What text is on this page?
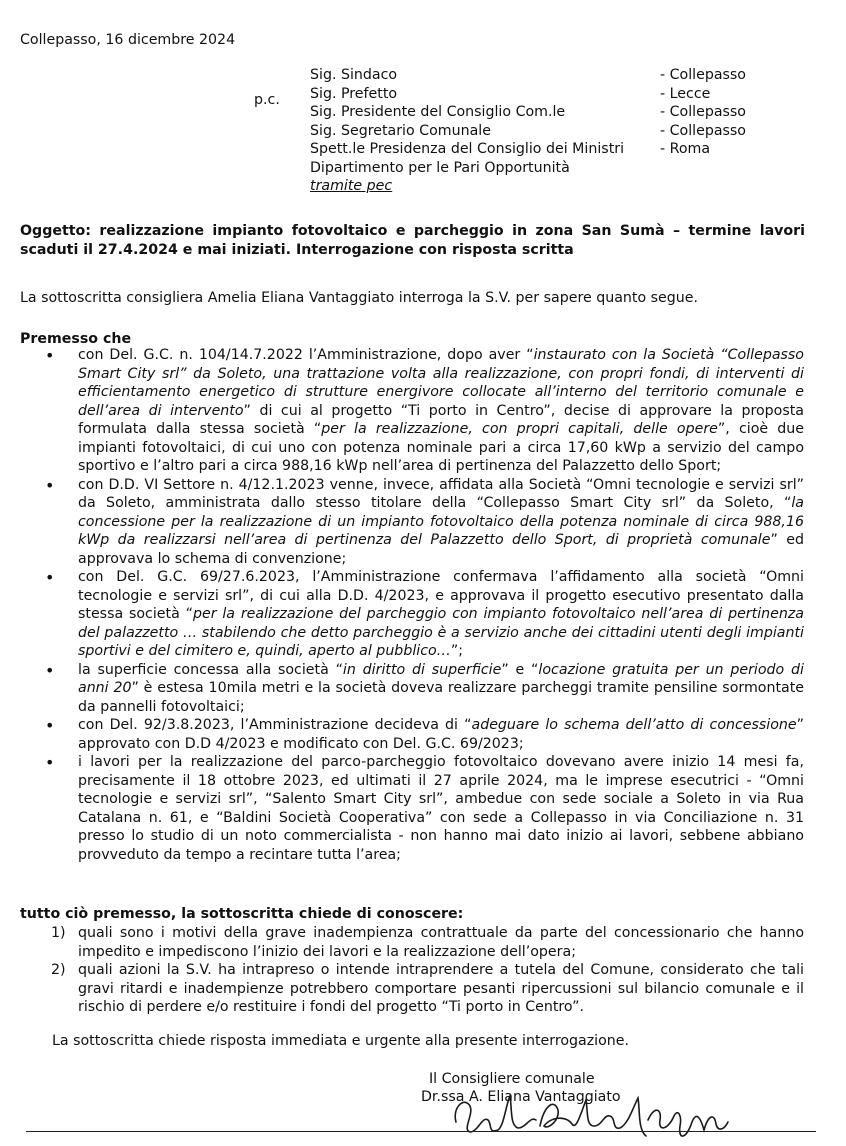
Collepasso, 16 dicembre 2024
p.c.
Sig. Sindaco	- Collepasso
Sig. Prefetto	- Lecce
Sig. Presidente del Consiglio Com.le	- Collepasso
Sig. Segretario Comunale	- Collepasso
Spett.le Presidenza del Consiglio dei Ministri	- Roma
Dipartimento per le Pari Opportunità
tramite pec
Oggetto: realizzazione impianto fotovoltaico e parcheggio in zona San Sumà – termine lavori scaduti il 27.4.2024 e mai iniziati. Interrogazione con risposta scritta
La sottoscritta consigliera Amelia Eliana Vantaggiato interroga la S.V. per sapere quanto segue.
Premesso che
• con Del. G.C. n. 104/14.7.2022 l’Amministrazione, dopo aver “instaurato con la Società “Collepasso Smart City srl” da Soleto, una trattazione volta alla realizzazione, con propri fondi, di interventi di efficientamento energetico di strutture energivore collocate all’interno del territorio comunale e dell’area di intervento” di cui al progetto “Ti porto in Centro”, decise di approvare la proposta formulata dalla stessa società “per la realizzazione, con propri capitali, delle opere”, cioè due impianti fotovoltaici, di cui uno con potenza nominale pari a circa 17,60 kWp a servizio del campo sportivo e l’altro pari a circa 988,16 kWp nell’area di pertinenza del Palazzetto dello Sport;
• con D.D. VI Settore n. 4/12.1.2023 venne, invece, affidata alla Società “Omni tecnologie e servizi srl” da Soleto, amministrata dallo stesso titolare della “Collepasso Smart City srl” da Soleto, “la concessione per la realizzazione di un impianto fotovoltaico della potenza nominale di circa 988,16 kWp da realizzarsi nell’area di pertinenza del Palazzetto dello Sport, di proprietà comunale” ed approvava lo schema di convenzione;
• con Del. G.C. 69/27.6.2023, l’Amministrazione confermava l’affidamento alla società “Omni tecnologie e servizi srl”, di cui alla D.D. 4/2023, e approvava il progetto esecutivo presentato dalla stessa società “per la realizzazione del parcheggio con impianto fotovoltaico nell’area di pertinenza del palazzetto … stabilendo che detto parcheggio è a servizio anche dei cittadini utenti degli impianti sportivi e del cimitero e, quindi, aperto al pubblico…”;
• la superficie concessa alla società “in diritto di superficie” e “locazione gratuita per un periodo di anni 20” è estesa 10mila metri e la società doveva realizzare parcheggi tramite pensiline sormontate da pannelli fotovoltaici;
• con Del. 92/3.8.2023, l’Amministrazione decideva di “adeguare lo schema dell’atto di concessione” approvato con D.D 4/2023 e modificato con Del. G.C. 69/2023;
• i lavori per la realizzazione del parco-parcheggio fotovoltaico dovevano avere inizio 14 mesi fa, precisamente il 18 ottobre 2023, ed ultimati il 27 aprile 2024, ma le imprese esecutrici - “Omni tecnologie e servizi srl”, “Salento Smart City srl”, ambedue con sede sociale a Soleto in via Rua Catalana n. 61, e “Baldini Società Cooperativa” con sede a Collepasso in via Conciliazione n. 31 presso lo studio di un noto commercialista - non hanno mai dato inizio ai lavori, sebbene abbiano provveduto da tempo a recintare tutta l’area;
tutto ciò premesso, la sottoscritta chiede di conoscere:
1) quali sono i motivi della grave inadempienza contrattuale da parte del concessionario che hanno impedito e impediscono l’inizio dei lavori e la realizzazione dell’opera;
2) quali azioni la S.V. ha intrapreso o intende intraprendere a tutela del Comune, considerato che tali gravi ritardi e inadempienze potrebbero comportare pesanti ripercussioni sul bilancio comunale e il rischio di perdere e/o restituire i fondi del progetto “Ti porto in Centro”.
La sottoscritta chiede risposta immediata e urgente alla presente interrogazione.
Il Consigliere comunale
Dr.ssa A. Eliana Vantaggiato
